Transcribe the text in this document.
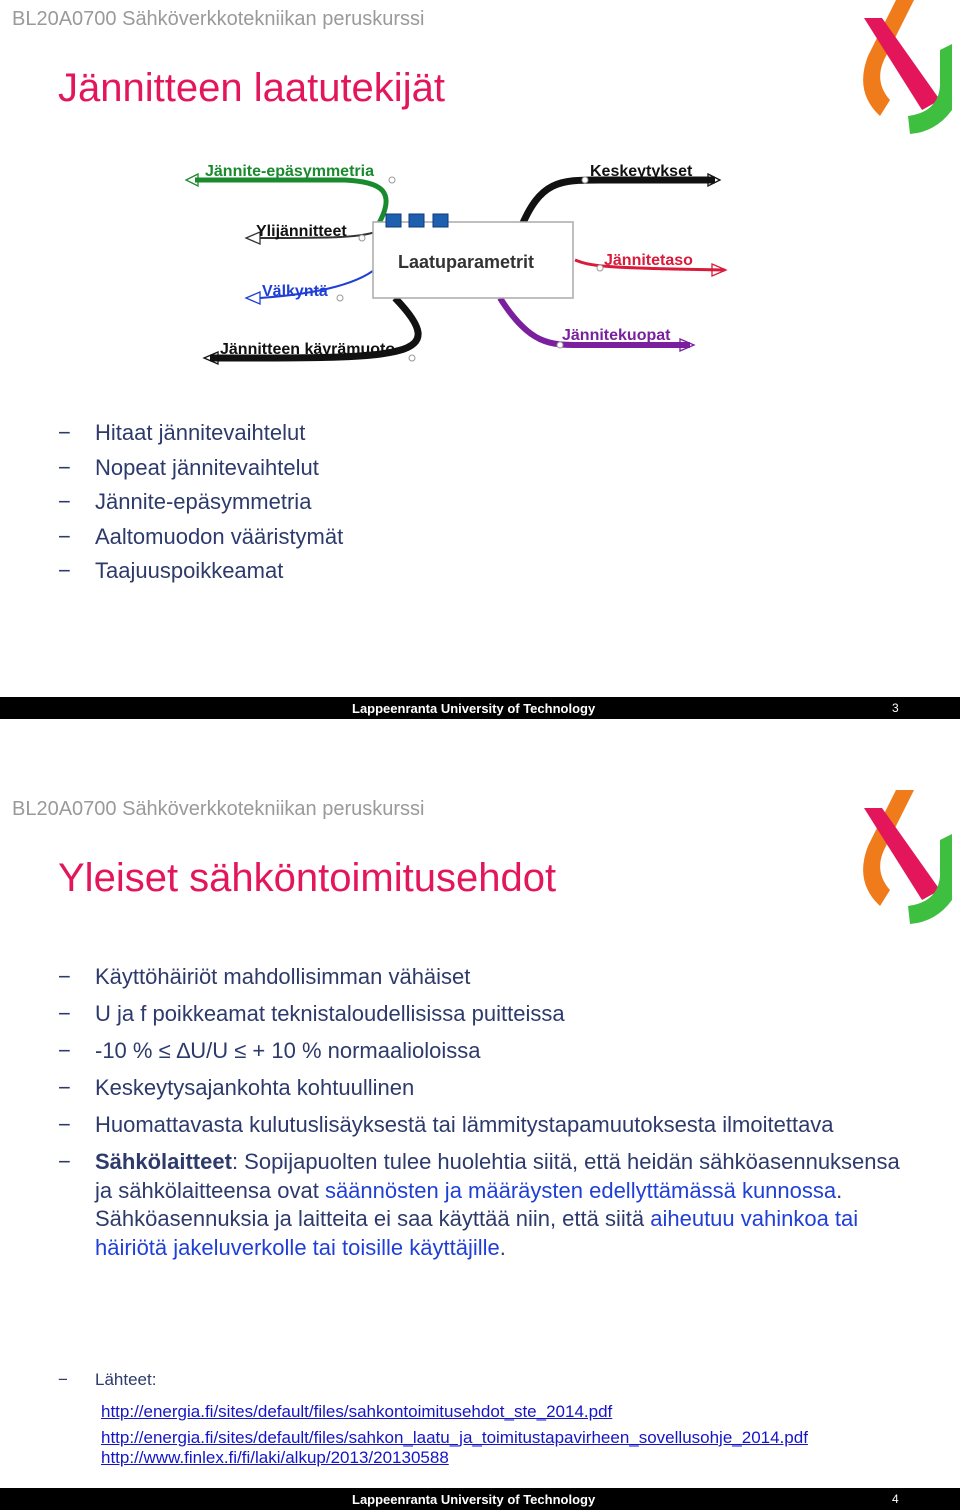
BL20A0700 Sähköverkkotekniikan peruskurssi
Jännitteen laatutekijät
Laatuparametrit
Jännite-epäsymmetria
Ylijännitteet
Välkyntä
Jännitteen käyrämuoto
Keskeytykset
Jännitetaso
Jännitekuopat
− Hitaat jännitevaihtelut
− Nopeat jännitevaihtelut
− Jännite-epäsymmetria
− Aaltomuodon vääristymät
− Taajuuspoikkeamat
Lappeenranta University of Technology	3
BL20A0700 Sähköverkkotekniikan peruskurssi
Yleiset sähköntoimitusehdot
− Käyttöhäiriöt mahdollisimman vähäiset
− U ja f poikkeamat teknistaloudellisissa puitteissa
− -10 % ≤ ∆U/U ≤ + 10 % normaalioloissa
− Keskeytysajankohta kohtuullinen
− Huomattavasta kulutuslisäyksestä tai lämmitystapamuutoksesta ilmoitettava
− Sähkölaitteet: Sopijapuolten tulee huolehtia siitä, että heidän sähköasennuksensa ja sähkölaitteensa ovat säännösten ja määräysten edellyttämässä kunnossa. Sähköasennuksia ja laitteita ei saa käyttää niin, että siitä aiheutuu vahinkoa tai häiriötä jakeluverkolle tai toisille käyttäjille.
− Lähteet:
http://energia.fi/sites/default/files/sahkontoimitusehdot_ste_2014.pdf
http://energia.fi/sites/default/files/sahkon_laatu_ja_toimitustapavirheen_sovellusohje_2014.pdf
http://www.finlex.fi/fi/laki/alkup/2013/20130588
Lappeenranta University of Technology	4
